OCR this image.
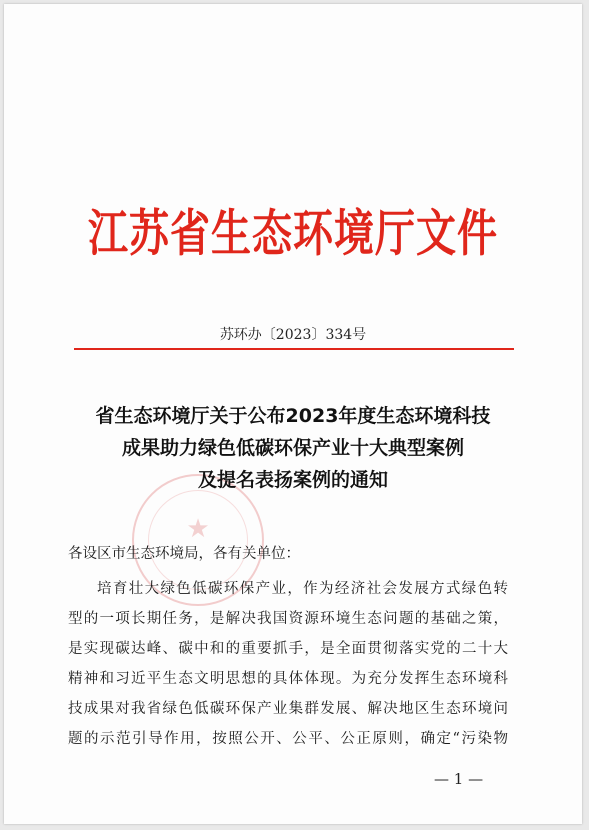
江苏省生态环境厅文件
苏环办〔2023〕334号
★
省生态环境厅关于公布2023年度生态环境科技
成果助力绿色低碳环保产业十大典型案例
及提名表扬案例的通知
各设区市生态环境局，各有关单位：
培育壮大绿色低碳环保产业，作为经济社会发展方式绿色转
型的一项长期任务，是解决我国资源环境生态问题的基础之策，
是实现碳达峰、碳中和的重要抓手，是全面贯彻落实党的二十大
精神和习近平生态文明思想的具体体现。为充分发挥生态环境科
技成果对我省绿色低碳环保产业集群发展、解决地区生态环境问
题的示范引导作用，按照公开、公平、公正原则，确定“污染物
— 1 —
